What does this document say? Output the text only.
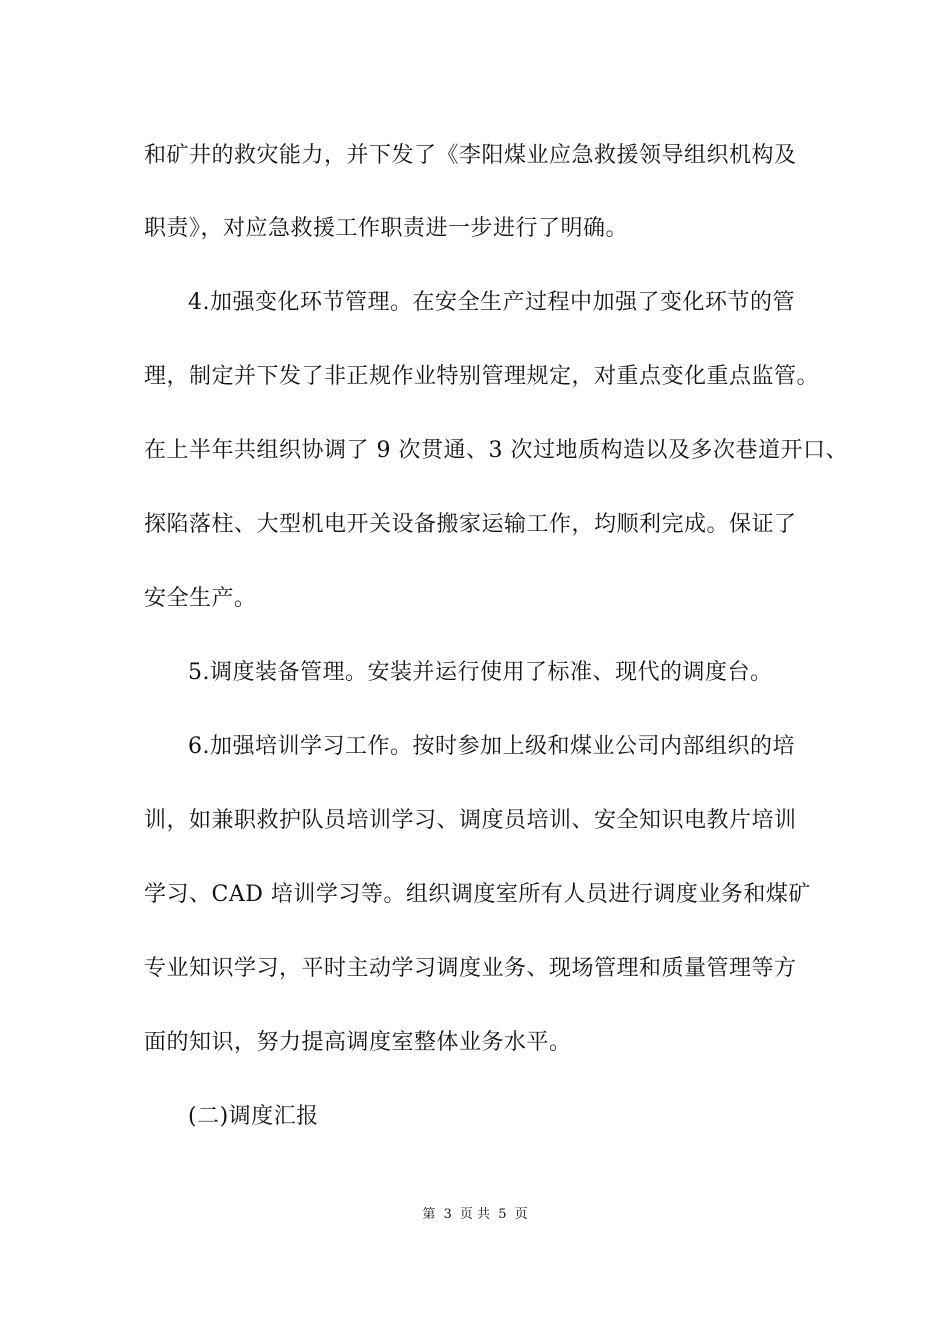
和矿井的救灾能力，并下发了《李阳煤业应急救援领导组织机构及
职责》，对应急救援工作职责进一步进行了明确。
4.加强变化环节管理。在安全生产过程中加强了变化环节的管
理，制定并下发了非正规作业特别管理规定，对重点变化重点监管。
在上半年共组织协调了 9 次贯通、3 次过地质构造以及多次巷道开口、
探陷落柱、大型机电开关设备搬家运输工作，均顺利完成。保证了
安全生产。
5.调度装备管理。安装并运行使用了标准、现代的调度台。
6.加强培训学习工作。按时参加上级和煤业公司内部组织的培
训，如兼职救护队员培训学习、调度员培训、安全知识电教片培训
学习、CAD 培训学习等。组织调度室所有人员进行调度业务和煤矿
专业知识学习，平时主动学习调度业务、现场管理和质量管理等方
面的知识，努力提高调度室整体业务水平。
(二)调度汇报
第 3 页 共 5 页
